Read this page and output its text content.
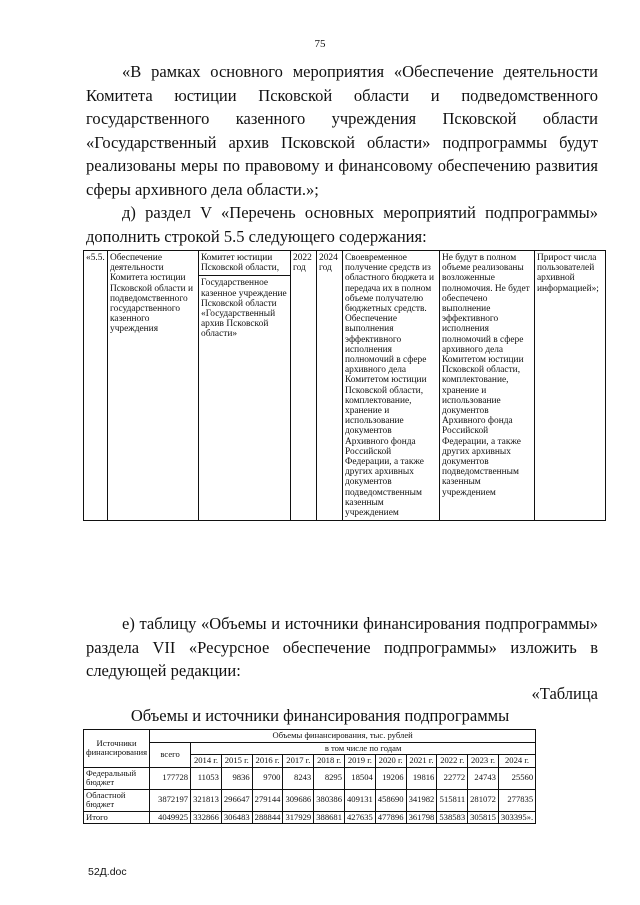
75

«В рамках основного мероприятия «Обеспечение деятельности Комитета юстиции Псковской области и подведомственного государственного казенного учреждения Псковской области «Государственный архив Псковской области» подпрограммы будут реализованы меры по правовому и финансовому обеспечению развития сферы архивного дела области.»;

д) раздел V «Перечень основных мероприятий подпрограммы» дополнить строкой 5.5 следующего содержания:

«5.5.	Обеспечение деятельности Комитета юстиции Псковской области и подведомственного государственного казенного учреждения	Комитет юстиции Псковской области,
Государственное казенное учреждение Псковской области «Государственный архив Псковской области»	2022 год	2024 год	Своевременное получение средств из областного бюджета и передача их в полном объеме получателю бюджетных средств. Обеспечение выполнения эффективного исполнения полномочий в сфере архивного дела Комитетом юстиции Псковской области, комплектование, хранение и использование документов Архивного фонда Российской Федерации, а также других архивных документов подведомственным казенным учреждением	Не будут в полном объеме реализованы возложенные полномочия. Не будет обеспечено выполнение эффективного исполнения полномочий в сфере архивного дела Комитетом юстиции Псковской области, комплектование, хранение и использование документов Архивного фонда Российской Федерации, а также других архивных документов подведомственным казенным учреждением	Прирост числа пользователей архивной информацией»;

е) таблицу «Объемы и источники финансирования подпрограммы» раздела VII «Ресурсное обеспечение подпрограммы» изложить в следующей редакции:

«Таблица
Объемы и источники финансирования подпрограммы
Источники финансирования	Объемы финансирования, тыс. рублей											
	всего	в том числе по годам										
		2014 г.	2015 г.	2016 г.	2017 г.	2018 г.	2019 г.	2020 г.	2021 г.	2022 г.	2023 г.	2024 г.
Федеральный бюджет	177728	11053	9836	9700	8243	8295	18504	19206	19816	22772	24743	25560
Областной бюджет	3872197	321813	296647	279144	309686	380386	409131	458690	341982	515811	281072	277835
Итого	4049925	332866	306483	288844	317929	388681	427635	477896	361798	538583	305815	303395».
52Д.doc
